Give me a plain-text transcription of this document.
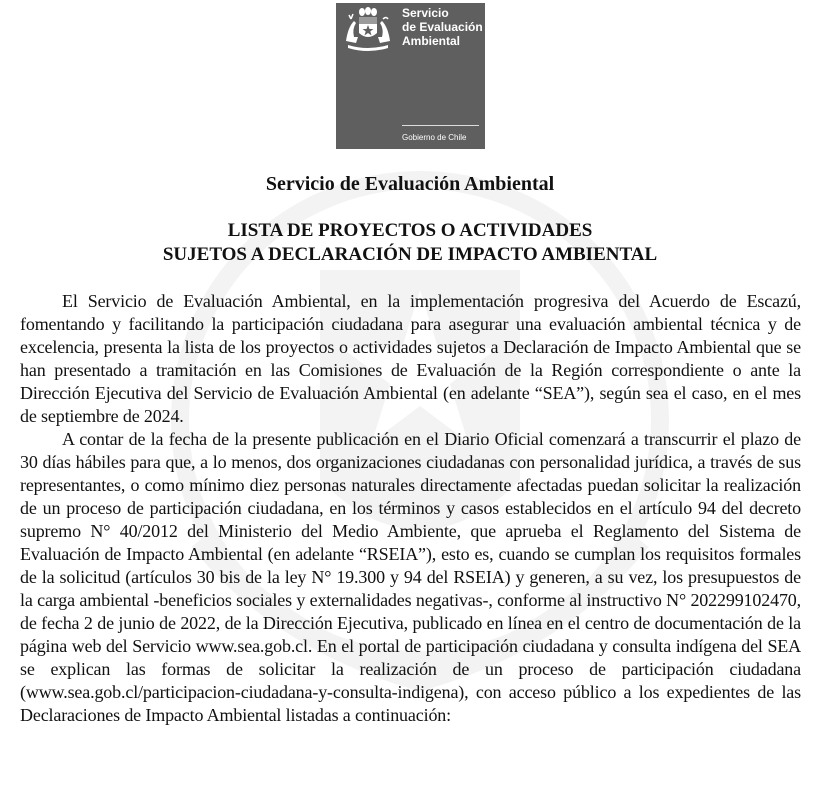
Servicio
de Evaluación
Ambiental
Gobierno de Chile
Servicio de Evaluación Ambiental
LISTA DE PROYECTOS O ACTIVIDADES
SUJETOS A DECLARACIÓN DE IMPACTO AMBIENTAL

El Servicio de Evaluación Ambiental, en la implementación progresiva del Acuerdo de Escazú, fomentando y facilitando la participación ciudadana para asegurar una evaluación ambiental técnica y de excelencia, presenta la lista de los proyectos o actividades sujetos a Declaración de Impacto Ambiental que se han presentado a tramitación en las Comisiones de Evaluación de la Región correspondiente o ante la Dirección Ejecutiva del Servicio de Evaluación Ambiental (en adelante “SEA”), según sea el caso, en el mes de septiembre de 2024.

A contar de la fecha de la presente publicación en el Diario Oficial comenzará a transcurrir el plazo de 30 días hábiles para que, a lo menos, dos organizaciones ciudadanas con personalidad jurídica, a través de sus representantes, o como mínimo diez personas naturales directamente afectadas puedan solicitar la realización de un proceso de participación ciudadana, en los términos y casos establecidos en el artículo 94 del decreto supremo N° 40/2012 del Ministerio del Medio Ambiente, que aprueba el Reglamento del Sistema de Evaluación de Impacto Ambiental (en adelante “RSEIA”), esto es, cuando se cumplan los requisitos formales de la solicitud (artículos 30 bis de la ley N° 19.300 y 94 del RSEIA) y generen, a su vez, los presupuestos de la carga ambiental -beneficios sociales y externalidades negativas-, conforme al instructivo N° 202299102470, de fecha 2 de junio de 2022, de la Dirección Ejecutiva, publicado en línea en el centro de documentación de la página web del Servicio www.sea.gob.cl. En el portal de participación ciudadana y consulta indígena del SEA se explican las formas de solicitar la realización de un proceso de participación ciudadana (www.sea.gob.cl/participacion-ciudadana-y-consulta-indigena), con acceso público a los expedientes de las Declaraciones de Impacto Ambiental listadas a continuación:
